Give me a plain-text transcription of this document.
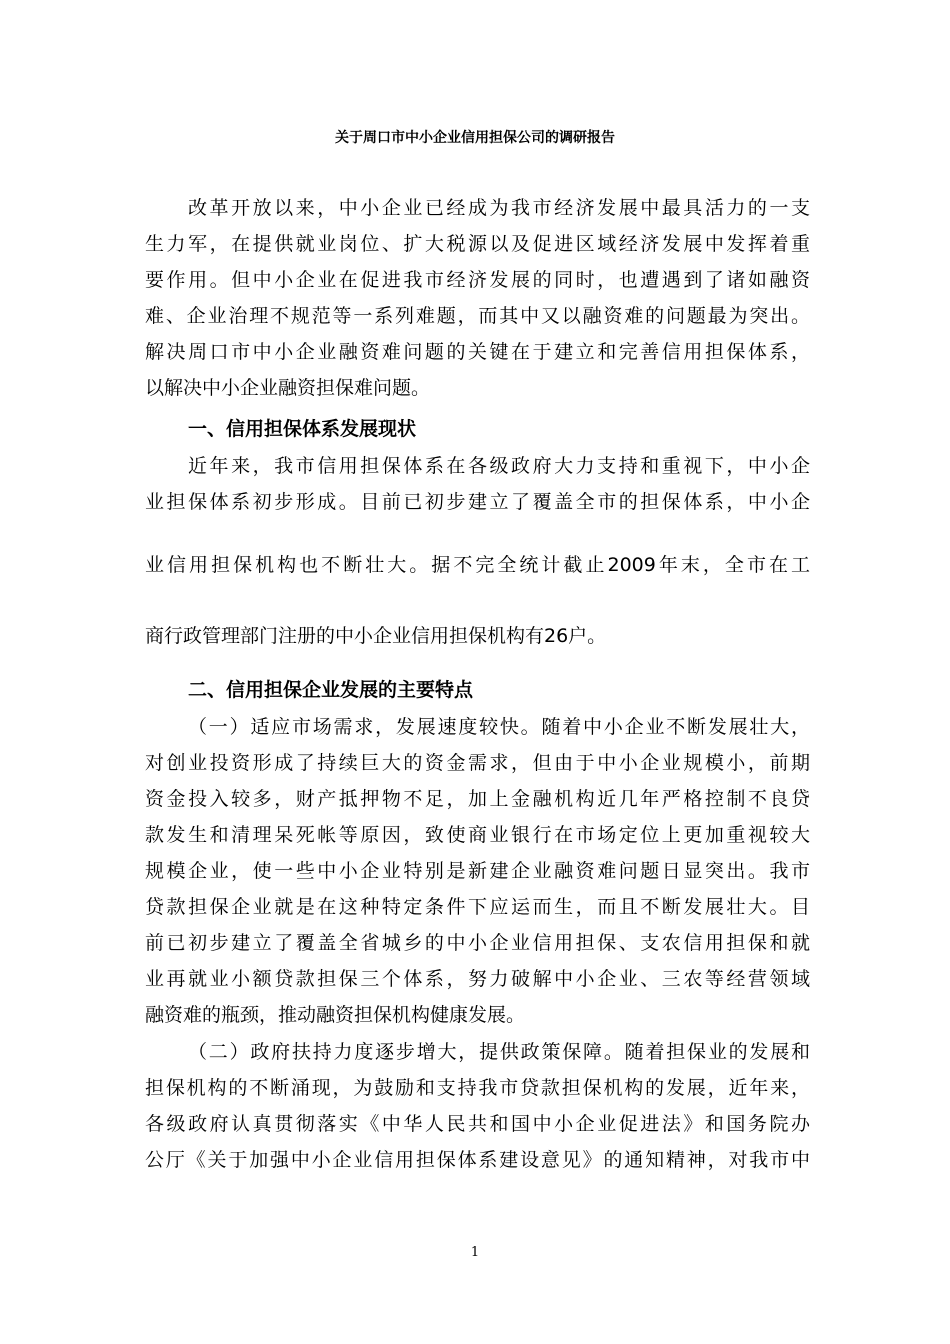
关于周口市中小企业信用担保公司的调研报告
改革开放以来，中小企业已经成为我市经济发展中最具活力的一支
生力军，在提供就业岗位、扩大税源以及促进区域经济发展中发挥着重
要作用。但中小企业在促进我市经济发展的同时，也遭遇到了诸如融资
难、企业治理不规范等一系列难题，而其中又以融资难的问题最为突出。
解决周口市中小企业融资难问题的关键在于建立和完善信用担保体系，
以解决中小企业融资担保难问题。
一、信用担保体系发展现状
近年来，我市信用担保体系在各级政府大力支持和重视下，中小企
业担保体系初步形成。目前已初步建立了覆盖全市的担保体系，中小企
业信用担保机构也不断壮大。据不完全统计截止2009年末，全市在工
商行政管理部门注册的中小企业信用担保机构有26户。
二、信用担保企业发展的主要特点
（一）适应市场需求，发展速度较快。随着中小企业不断发展壮大，
对创业投资形成了持续巨大的资金需求，但由于中小企业规模小，前期
资金投入较多，财产抵押物不足，加上金融机构近几年严格控制不良贷
款发生和清理呆死帐等原因，致使商业银行在市场定位上更加重视较大
规模企业，使一些中小企业特别是新建企业融资难问题日显突出。我市
贷款担保企业就是在这种特定条件下应运而生，而且不断发展壮大。目
前已初步建立了覆盖全省城乡的中小企业信用担保、支农信用担保和就
业再就业小额贷款担保三个体系，努力破解中小企业、三农等经营领域
融资难的瓶颈，推动融资担保机构健康发展。
（二）政府扶持力度逐步增大，提供政策保障。随着担保业的发展和
担保机构的不断涌现，为鼓励和支持我市贷款担保机构的发展，近年来，
各级政府认真贯彻落实《中华人民共和国中小企业促进法》和国务院办
公厅《关于加强中小企业信用担保体系建设意见》的通知精神，对我市中
1
